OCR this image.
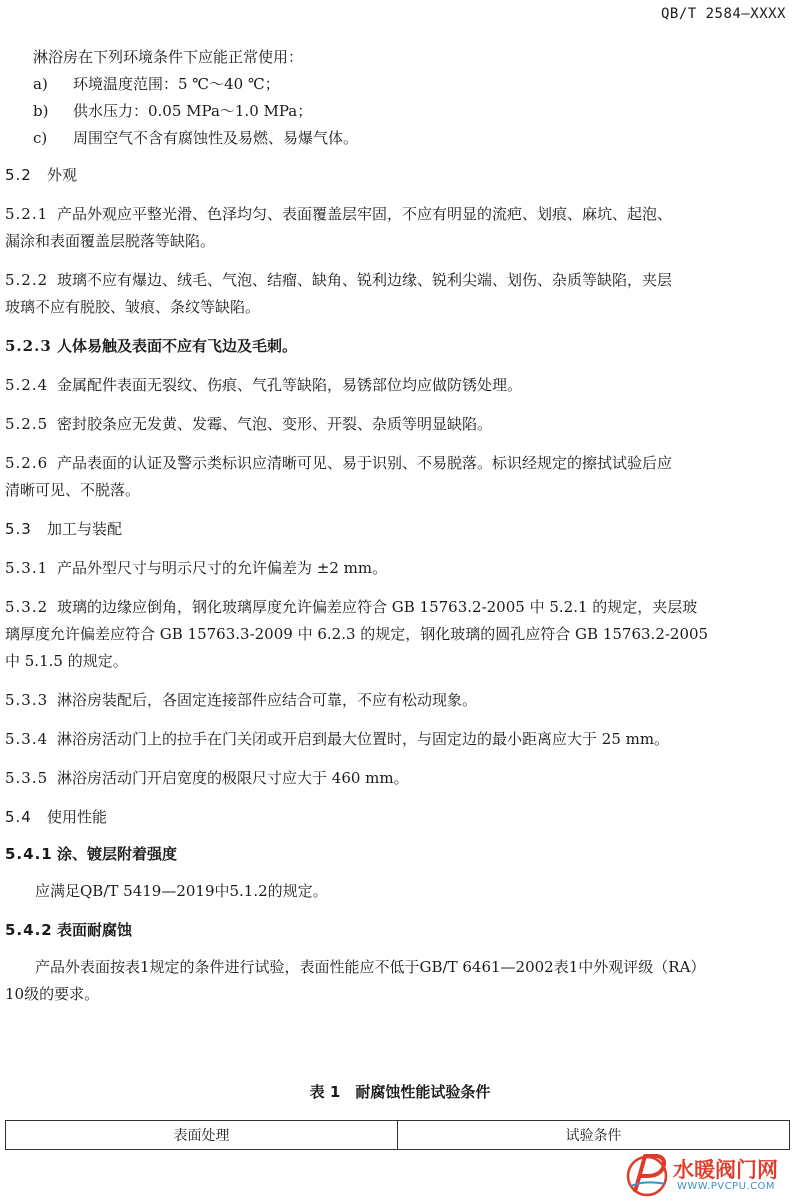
QB/T 2584—XXXX

淋浴房在下列环境条件下应能正常使用：

a) 环境温度范围：5 ℃～40 ℃；

b) 供水压力：0.05 MPa～1.0 MPa；

c) 周围空气不含有腐蚀性及易燃、易爆气体。

5.2 外观

5.2.1 产品外观应平整光滑、色泽均匀、表面覆盖层牢固，不应有明显的流疤、划痕、麻坑、起泡、

漏涂和表面覆盖层脱落等缺陷。

5.2.2 玻璃不应有爆边、绒毛、气泡、结瘤、缺角、锐利边缘、锐利尖端、划伤、杂质等缺陷，夹层

玻璃不应有脱胶、皱痕、条纹等缺陷。

5.2.3 人体易触及表面不应有飞边及毛刺。

5.2.4 金属配件表面无裂纹、伤痕、气孔等缺陷，易锈部位均应做防锈处理。

5.2.5 密封胶条应无发黄、发霉、气泡、变形、开裂、杂质等明显缺陷。

5.2.6 产品表面的认证及警示类标识应清晰可见、易于识别、不易脱落。标识经规定的擦拭试验后应

清晰可见、不脱落。

5.3 加工与装配

5.3.1 产品外型尺寸与明示尺寸的允许偏差为 ±2 mm。

5.3.2 玻璃的边缘应倒角，钢化玻璃厚度允许偏差应符合 GB 15763.2-2005 中 5.2.1 的规定，夹层玻

璃厚度允许偏差应符合 GB 15763.3-2009 中 6.2.3 的规定，钢化玻璃的圆孔应符合 GB 15763.2-2005

中 5.1.5 的规定。

5.3.3 淋浴房装配后，各固定连接部件应结合可靠，不应有松动现象。

5.3.4 淋浴房活动门上的拉手在门关闭或开启到最大位置时，与固定边的最小距离应大于 25 mm。

5.3.5 淋浴房活动门开启宽度的极限尺寸应大于 460 mm。

5.4 使用性能

5.4.1 涂、镀层附着强度

应满足QB/T 5419—2019中5.1.2的规定。

5.4.2 表面耐腐蚀

产品外表面按表1规定的条件进行试验，表面性能应不低于GB/T 6461—2002表1中外观评级（RA）

10级的要求。

表 1　耐腐蚀性能试验条件
表面处理	试验条件
水暖阀门网
WWW.PVCPU.COM
